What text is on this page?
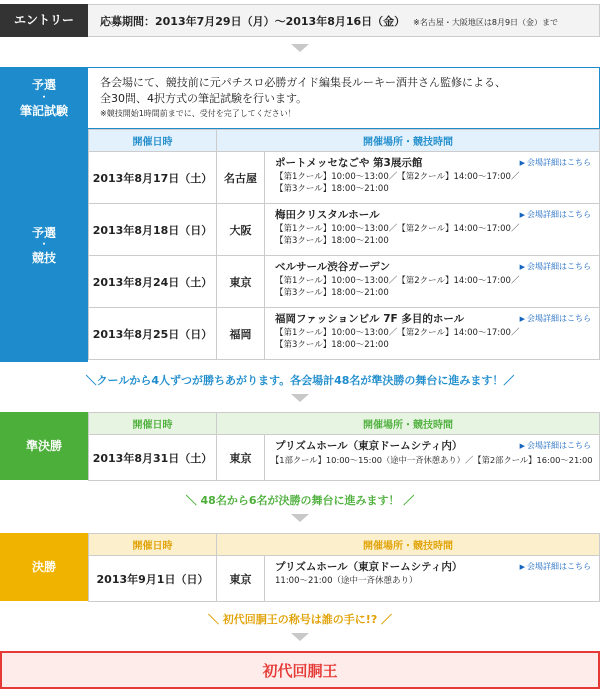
エントリー	応募期間：2013年7月29日（月）〜2013年8月16日（金） ※名古屋・大阪地区は8月9日（金）まで
予選
・
筆記試験
各会場にて、競技前に元パチスロ必勝ガイド編集長ルーキー酒井さん監修による、
全30問、4択方式の筆記試験を行います。
※競技開始1時間前までに、受付を完了してください！
予選
・
競技
開催日時	開催場所・競技時間	
2013年8月17日（土）	名古屋	ポートメッセなごや 第3展示館
【第1クール】10:00〜13:00／【第2クール】14:00〜17:00／
【第3クール】18:00〜21:00
▶ 会場詳細はこちら

2013年8月18日（日）	大阪	梅田クリスタルホール
【第1クール】10:00〜13:00／【第2クール】14:00〜17:00／
【第3クール】18:00〜21:00
▶ 会場詳細はこちら

2013年8月24日（土）	東京	ベルサール渋谷ガーデン
【第1クール】10:00〜13:00／【第2クール】14:00〜17:00／
【第3クール】18:00〜21:00
▶ 会場詳細はこちら

2013年8月25日（日）	福岡	福岡ファッションビル 7F 多目的ホール
【第1クール】10:00〜13:00／【第2クール】14:00〜17:00／
【第3クール】18:00〜21:00
▶ 会場詳細はこちら
＼クールから4人ずつが勝ちあがります。各会場計48名が準決勝の舞台に進みます！／
準決勝
開催日時	開催場所・競技時間	
2013年8月31日（土）	東京	プリズムホール（東京ドームシティ内）
【1部クール】10:00〜15:00（途中一斉休憩あり）／【第2部クール】16:00〜21:00
▶ 会場詳細はこちら
＼ 48名から6名が決勝の舞台に進みます！ ／
決勝
開催日時	開催場所・競技時間	
2013年9月1日（日）	東京	プリズムホール（東京ドームシティ内）
11:00〜21:00（途中一斉休憩あり）
▶ 会場詳細はこちら
＼ 初代回胴王の称号は誰の手に!? ／
初代回胴王
